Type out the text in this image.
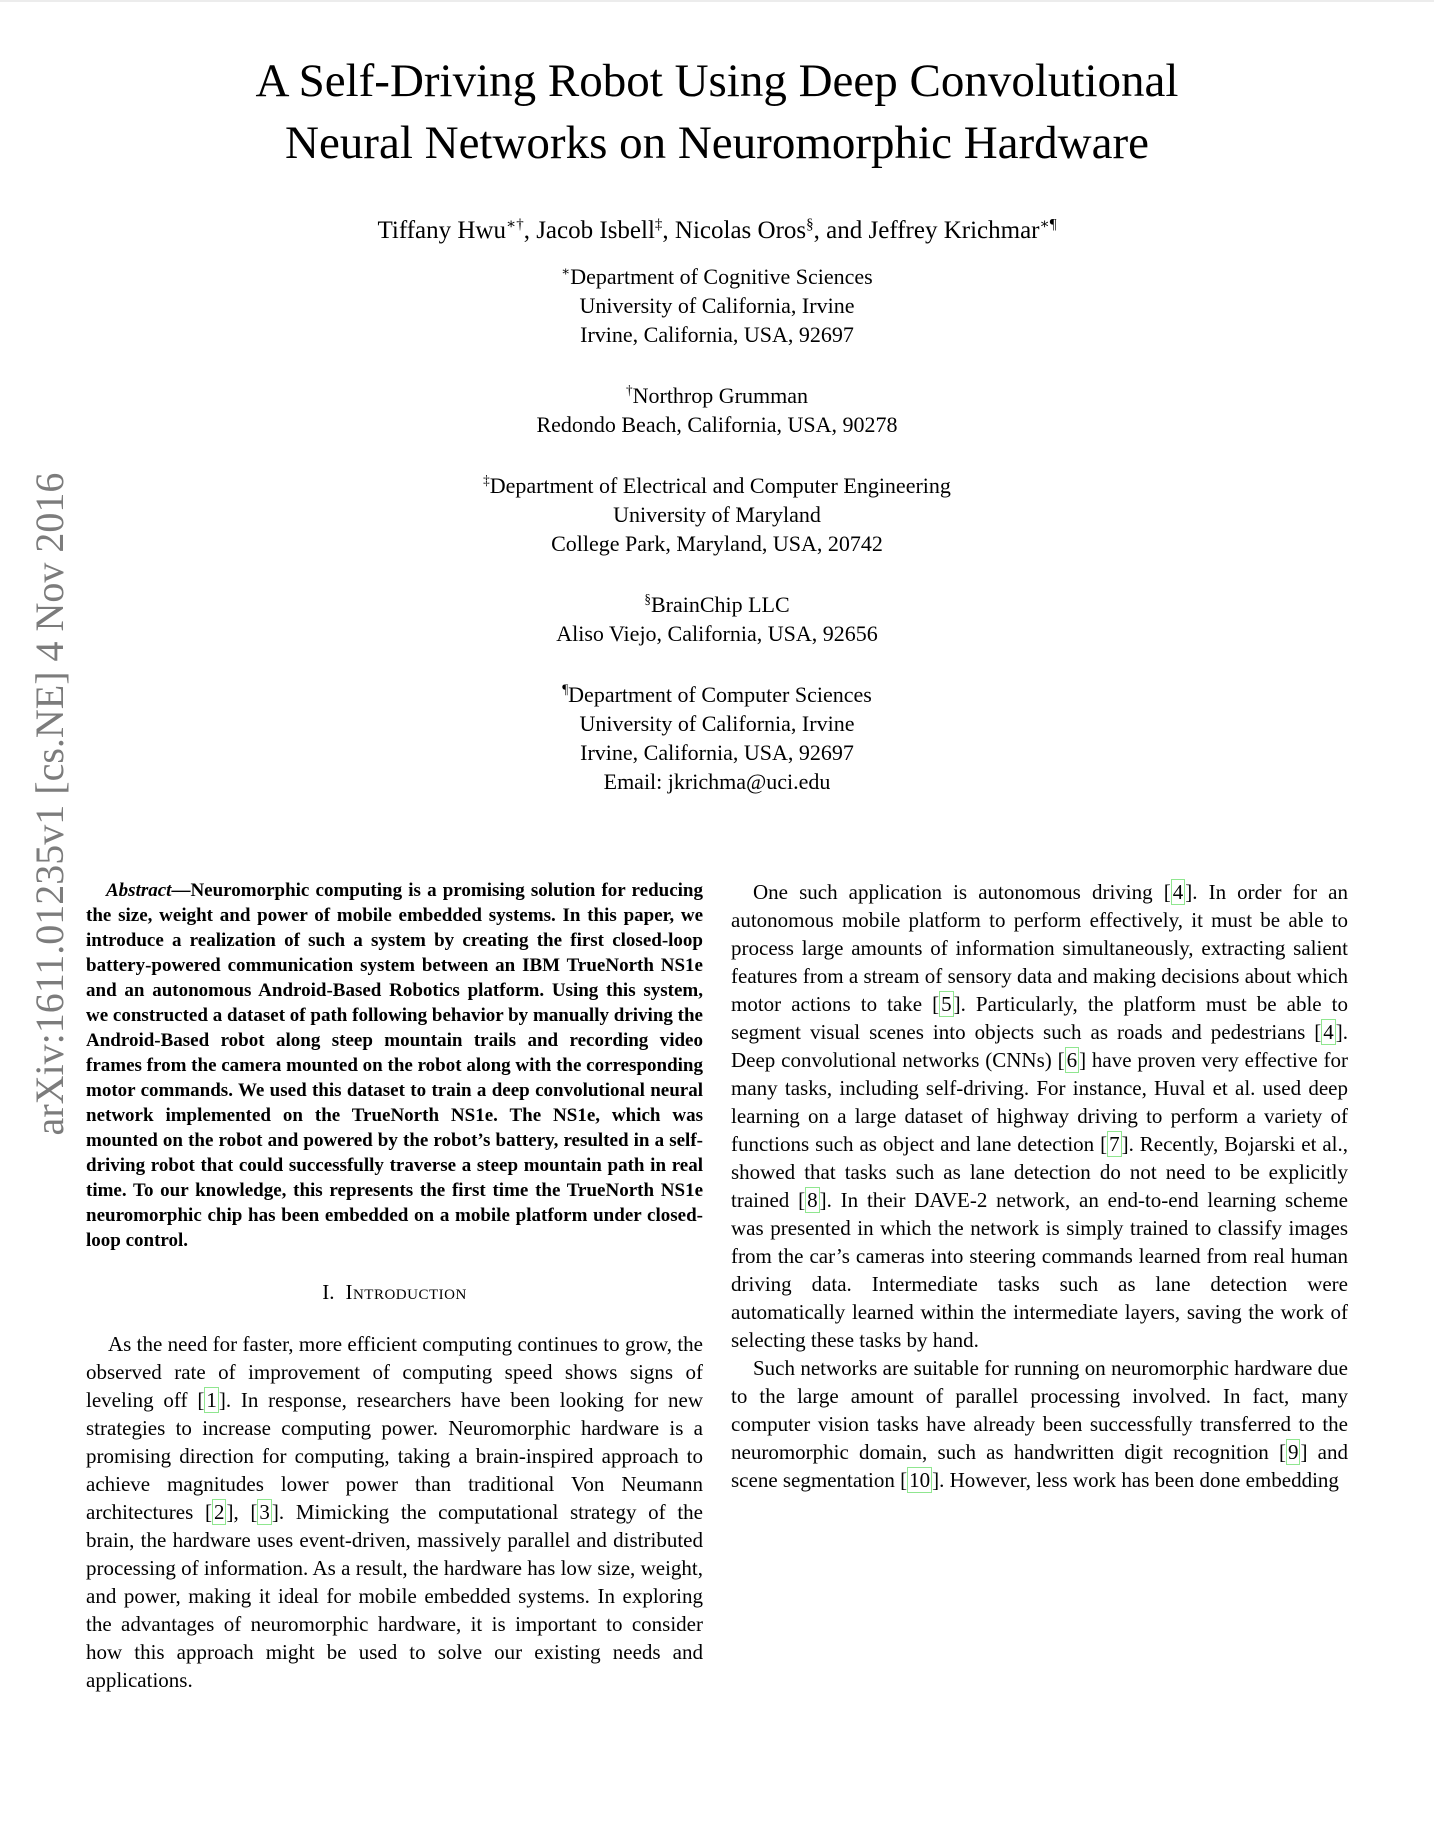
arXiv:1611.01235v1 [cs.NE] 4 Nov 2016
A Self-Driving Robot Using Deep Convolutional
Neural Networks on Neuromorphic Hardware
Tiffany Hwu∗†, Jacob Isbell‡, Nicolas Oros§, and Jeffrey Krichmar∗¶
∗Department of Cognitive Sciences
University of California, Irvine
Irvine, California, USA, 92697
†Northrop Grumman
Redondo Beach, California, USA, 90278
‡Department of Electrical and Computer Engineering
University of Maryland
College Park, Maryland, USA, 20742
§BrainChip LLC
Aliso Viejo, California, USA, 92656
¶Department of Computer Sciences
University of California, Irvine
Irvine, California, USA, 92697
Email: jkrichma@uci.edu

Abstract—Neuromorphic computing is a promising solution for reducing the size, weight and power of mobile embedded systems. In this paper, we introduce a realization of such a system by creating the first closed-loop battery-powered communication system between an IBM TrueNorth NS1e and an autonomous Android-Based Robotics platform. Using this system, we constructed a dataset of path following behavior by manually driving the Android-Based robot along steep mountain trails and recording video frames from the camera mounted on the robot along with the corresponding motor commands. We used this dataset to train a deep convolutional neural network implemented on the TrueNorth NS1e. The NS1e, which was mounted on the robot and powered by the robot’s battery, resulted in a self-driving robot that could successfully traverse a steep mountain path in real time. To our knowledge, this represents the first time the TrueNorth NS1e neuromorphic chip has been embedded on a mobile platform under closed-loop control.

I. Introduction

As the need for faster, more efficient computing continues to grow, the observed rate of improvement of computing speed shows signs of leveling off [1]. In response, researchers have been looking for new strategies to increase computing power. Neuromorphic hardware is a promising direction for computing, taking a brain-inspired approach to achieve magnitudes lower power than traditional Von Neumann architectures [2], [3]. Mimicking the computational strategy of the brain, the hardware uses event-driven, massively parallel and distributed processing of information. As a result, the hardware has low size, weight, and power, making it ideal for mobile embedded systems. In exploring the advantages of neuromorphic hardware, it is important to consider how this approach might be used to solve our existing needs and applications.

One such application is autonomous driving [4]. In order for an autonomous mobile platform to perform effectively, it must be able to process large amounts of information simultaneously, extracting salient features from a stream of sensory data and making decisions about which motor actions to take [5]. Particularly, the platform must be able to segment visual scenes into objects such as roads and pedestrians [4]. Deep convolutional networks (CNNs) [6] have proven very effective for many tasks, including self-driving. For instance, Huval et al. used deep learning on a large dataset of highway driving to perform a variety of functions such as object and lane detection [7]. Recently, Bojarski et al., showed that tasks such as lane detection do not need to be explicitly trained [8]. In their DAVE-2 network, an end-to-end learning scheme was presented in which the network is simply trained to classify images from the car’s cameras into steering commands learned from real human driving data. Intermediate tasks such as lane detection were automatically learned within the intermediate layers, saving the work of selecting these tasks by hand.

Such networks are suitable for running on neuromorphic hardware due to the large amount of parallel processing involved. In fact, many computer vision tasks have already been successfully transferred to the neuromorphic domain, such as handwritten digit recognition [9] and scene segmentation [10]. However, less work has been done embedding
